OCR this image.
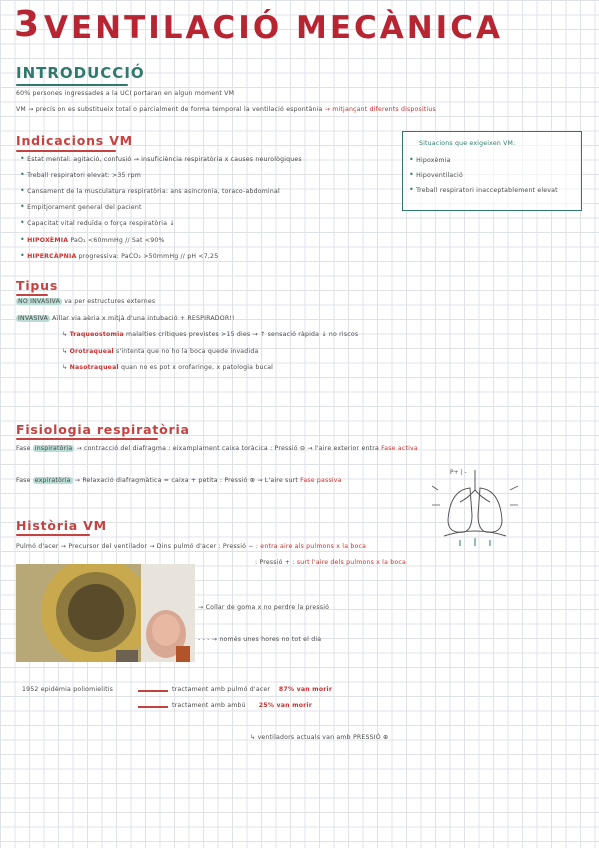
3 VENTILACIÓ MECÀNICA
INTRODUCCIÓ
60% persones ingressades a la UCI portaran en algun moment VM
VM → precís on es substitueix total o parcialment de forma temporal la ventilació espontània → mitjançant diferents dispositius
Indicacions VM
• Estat mental: agitació, confusió → insuficiència respiratòria x causes neurològiques
• Treball respiratori elevat: >35 rpm
• Cansament de la musculatura respiratòria: ans asincronia, toraco-abdominal
• Empitjorament general del pacient
• Capacitat vital reduïda o força respiratòria ↓
• HIPOXÈMIA PaO₂ <60mmHg // Sat <90%
• HIPERCÀPNIA progressiva: PaCO₂ >50mmHg // pH <7,25
Situacions que exigeixen VM:
• Hipoxèmia
• Hipoventilació
• Treball respiratori inacceptablement elevat
Tipus
NO INVASIVA va per estructures externes
INVASIVA Aïllar via aèria x mitjà d'una intubació + RESPIRADOR!!
↳ Traqueostomia malalties crítiques previstes >15 dies → ↑ sensació ràpida ↓ no riscos
↳ Orotraqueal s'intenta que no ho la boca quede invadida
↳ Nasotraqueal quan no es pot x orofaringe, x patologia bucal
Fisiologia respiratòria
Fase inspiratòria → contracció del diafragma : eixamplament caixa toràcica : Pressió ⊖ → l'aire exterior entra Fase activa
Fase expiratòria → Relaxació diafragmàtica = caixa + petita : Pressió ⊕ → L'aire surt Fase passiva
P+ | -
Història VM
Pulmó d'acer → Precursor del ventilador → Dins pulmó d'acer : Pressió − : entra aire als pulmons x la boca
: Pressió + : surt l'aire dels pulmons x la boca
→ Collar de goma x no perdre la pressió
- - - → només unes hores no tot el dia
1952 epidèmia poliomielitis	tractament amb pulmó d'acer 87% van morir
tractament amb ambú 25% van morir
↳ ventiladors actuals van amb PRESSIÓ ⊕
